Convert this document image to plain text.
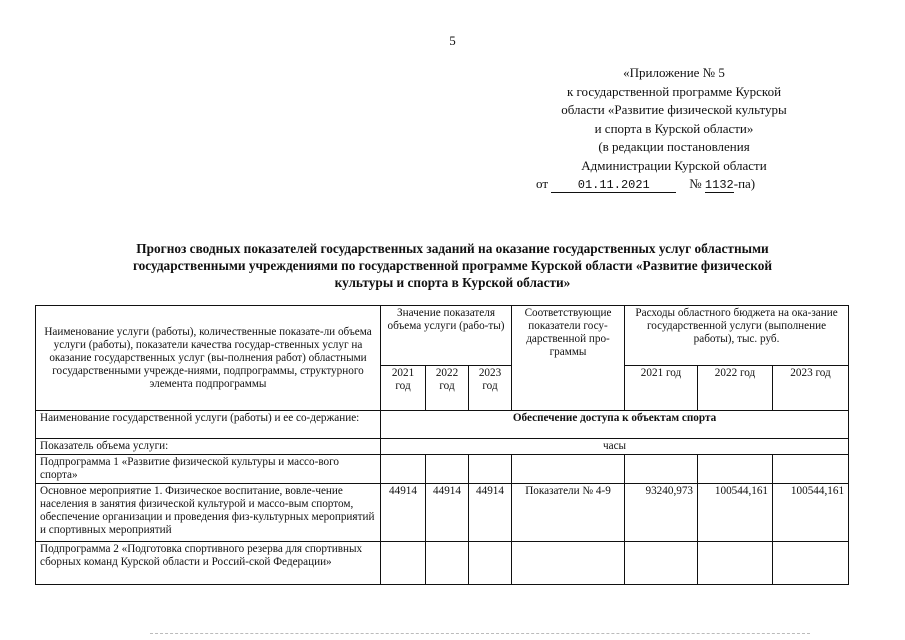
5
«Приложение № 5
к государственной программе Курской
области «Развитие физической культуры
и спорта в Курской области»
(в редакции постановления
Администрации Курской области
от 01.11.2021	№ 1132-па)
Прогноз сводных показателей государственных заданий на оказание государственных услуг областными
государственными учреждениями по государственной программе Курской области «Развитие физической
культуры и спорта в Курской области»
Наименование услуги (работы), количественные показате-ли объема услуги (работы), показатели качества государ-ственных услуг на оказание государственных услуг (вы-полнения работ) областными государственными учрежде-ниями, подпрограммы, структурного элемента подпрограммы	Значение показателя объема услуги (рабо-ты)			Соответствующие показатели госу-дарственной про-граммы	Расходы областного бюджета на ока-зание государственной услуги (выполнение работы), тыс. руб.		
	2021 год	2022 год	2023 год		2021 год	2022 год	2023 год
Наименование государственной услуги (работы) и ее со-держание:	Обеспечение доступа к объектам спорта						
Показатель объема услуги:	часы						
Подпрограмма 1 «Развитие физической культуры и массо-вого спорта»							
Основное мероприятие 1. Физическое воспитание, вовле-чение населения в занятия физической культурой и массо-вым спортом, обеспечение организации и проведения физ-культурных мероприятий и спортивных мероприятий	44914	44914	44914	Показатели № 4-9	93240,973	100544,161	100544,161
Подпрограмма 2 «Подготовка спортивного резерва для спортивных сборных команд Курской области и Россий-ской Федерации»							
